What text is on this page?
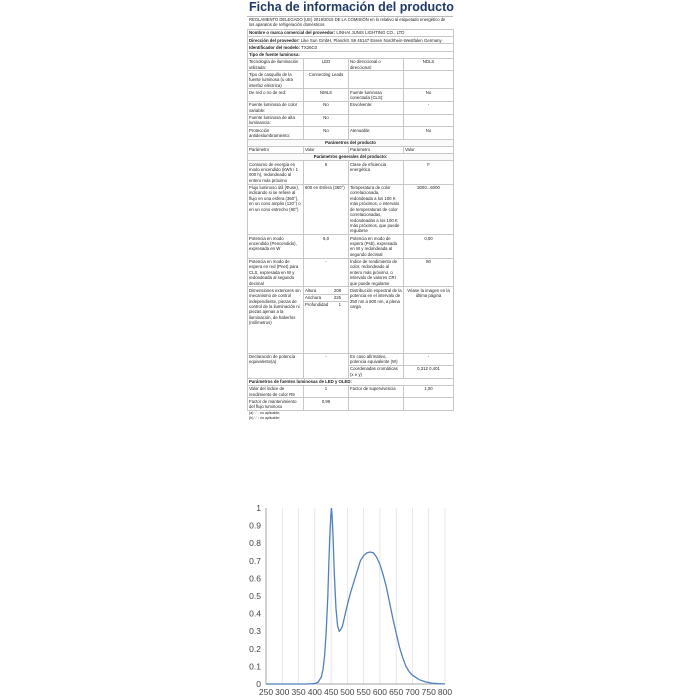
Ficha de información del producto
REGLAMENTO DELEGADO (UE) 2019/2015 DE LA COMISIÓN en lo relativo al etiquetado energético de los aparatos de refrigeración domésticos
Nombre o marca comercial del proveedor: LINHAI JUNIS LIGHTING CO., LTD			
Dirección del proveedor: Like Sun GmbH, Plancktr. 59 45147 Essen Nordrhein-Westfalen Germany			
Identificador del modelo: TX26C0			
Tipo de fuente luminosa:			
Tecnología de iluminación utilizada:	LED	No direccional o direccional:	NDLS
Tipo de casquillo de la fuente luminosa (u otra interfaz eléctrica)	Connecting Leads		
De red o no de red:	NMLS	Fuente luminosa conectada (CLS):	No
Fuente luminosa de color variable:	No	Envolvente:	-
Fuente luminosa de alta luminancia:	No		
Protección antideslumbramiento:	No	Atenuable:	No
Parámetros del producto			
Parámetro	Valor	Parámetro	Valor
Parámetros generales del producto:			
Consumo de energía en modo encendido (kWh / 1 000 h), redondeado al entero más próximo	6	Clase de eficiencia energética	F
Flujo luminoso útil (Φuse), indicando si se refiere al flujo en una esfera (360°), en un cono amplio (120°) o en un cono estrecho (90°)	600 en Esfera (360°)	Temperatura de color correlacionada, redondeada a los 100 K más próximos, o intervalo de temperaturas de color correlacionadas, redondeadas a los 100 K más próximos, que puede regularse	3000...6000
Potencia en modo encendido (Pencendido), expresada en W	6,0	Potencia en modo de espera (Psb), expresada en W y redondeada al segundo decimal	0,00
Potencia en modo de espera en red (Pnet) para CLS, expresada en W y redondeada al segundo decimal	-	Índice de rendimiento de color, redondeado al entero más próximo, o intervalo de valores CRI que puede regularse	80
Dimensiones exteriores sin mecanismo de control independiente, piezas de control de la iluminación ni piezas ajenas a la iluminación, de haberlos (milímetros)	Altura 208	Distribución espectral de la potencia en el intervalo de 250 nm a 800 nm, a plena carga	Véase la imagen en la última página
	Anchura 225		

	Profundidad 1		

Declaración de potencia equivalente(a)	-	En caso afirmativo, potencia equivalente (W)	-
		Coordenadas cromáticas (x e y)	0,312 0,401
Parámetros de fuentes luminosas de LED y OLED:			
Valor del índice de rendimiento de color R9	1	Factor de supervivencia	1,00
Factor de mantenimiento del flujo luminoso	0,96		
(a) '-' : no aplicable;
(b) '-' : no aplicable;
0
0.1
0.2
0.3
0.4
0.5
0.6
0.7
0.8
0.9
1
250 300 350 400 450 500 550 600 650 700 750 800
